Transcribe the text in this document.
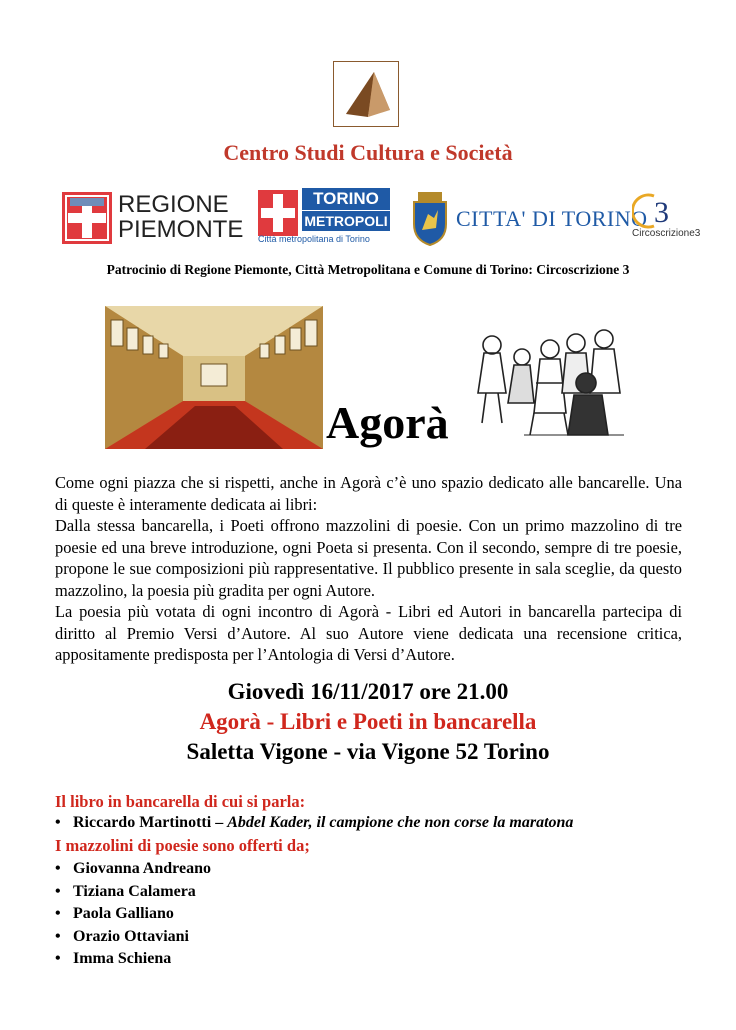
Centro Studi Cultura e Società
REGIONE
PIEMONTE
TORINO
METROPOLI
Città metropolitana di Torino
CITTA' DI TORINO 3
Circoscrizione3
Patrocinio di Regione Piemonte, Città Metropolitana e Comune di Torino: Circoscrizione 3
Agorà

Come ogni piazza che si rispetti, anche in Agorà c’è uno spazio dedicato alle bancarelle. Una di queste è interamente dedicata ai libri:

Dalla stessa bancarella, i Poeti offrono mazzolini di poesie. Con un primo mazzolino di tre poesie ed una breve introduzione, ogni Poeta si presenta. Con il secondo, sempre di tre poesie, propone le sue composizioni più rappresentative. Il pubblico presente in sala sceglie, da questo mazzolino, la poesia più gradita per ogni Autore.

La poesia più votata di ogni incontro di Agorà - Libri ed Autori in bancarella partecipa di diritto al Premio Versi d’Autore. Al suo Autore viene dedicata una recensione critica, appositamente predisposta per l’Antologia di Versi d’Autore.

Giovedì 16/11/2017 ore 21.00
Agorà - Libri e Poeti in bancarella
Saletta Vigone - via Vigone 52 Torino
Il libro in bancarella di cui si parla:
• Riccardo Martinotti – Abdel Kader, il campione che non corse la maratona
I mazzolini di poesie sono offerti da;
• Giovanna Andreano
• Tiziana Calamera
• Paola Galliano
• Orazio Ottaviani
• Imma Schiena
